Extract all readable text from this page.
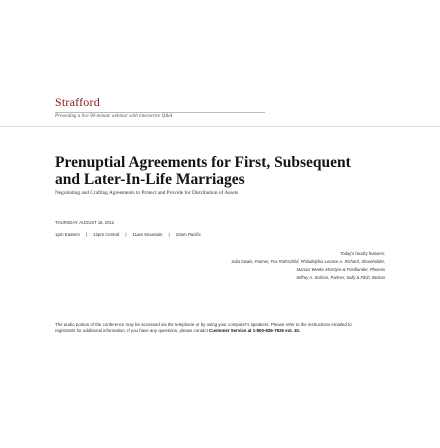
Strafford
Presenting a live 90-minute webinar with interactive Q&A
Prenuptial Agreements for First, Subsequent
and Later-In-Life Marriages
Negotiating and Crafting Agreements to Protect and Provide for Distribution of Assets
THURSDAY, AUGUST 16, 2012
1pm Eastern | 12pm Central | 11am Mountain | 10am Pacific
Today's faculty features:
Julia Swain, Partner, Fox Rothschild, Philadelphia Leonce A. Richard, Shareholder,
Marcus Weeks McIntyre & Friedlander, Phoenix
Jeffrey A. Soilson, Partner, Sally & Fitch, Boston
The audio portion of the conference may be accessed via the telephone or by using your computer's speakers. Please refer to the instructions emailed to registrants for additional information. If you have any questions, please contact Customer Service at 1-800-926-7926 ext. 10.
